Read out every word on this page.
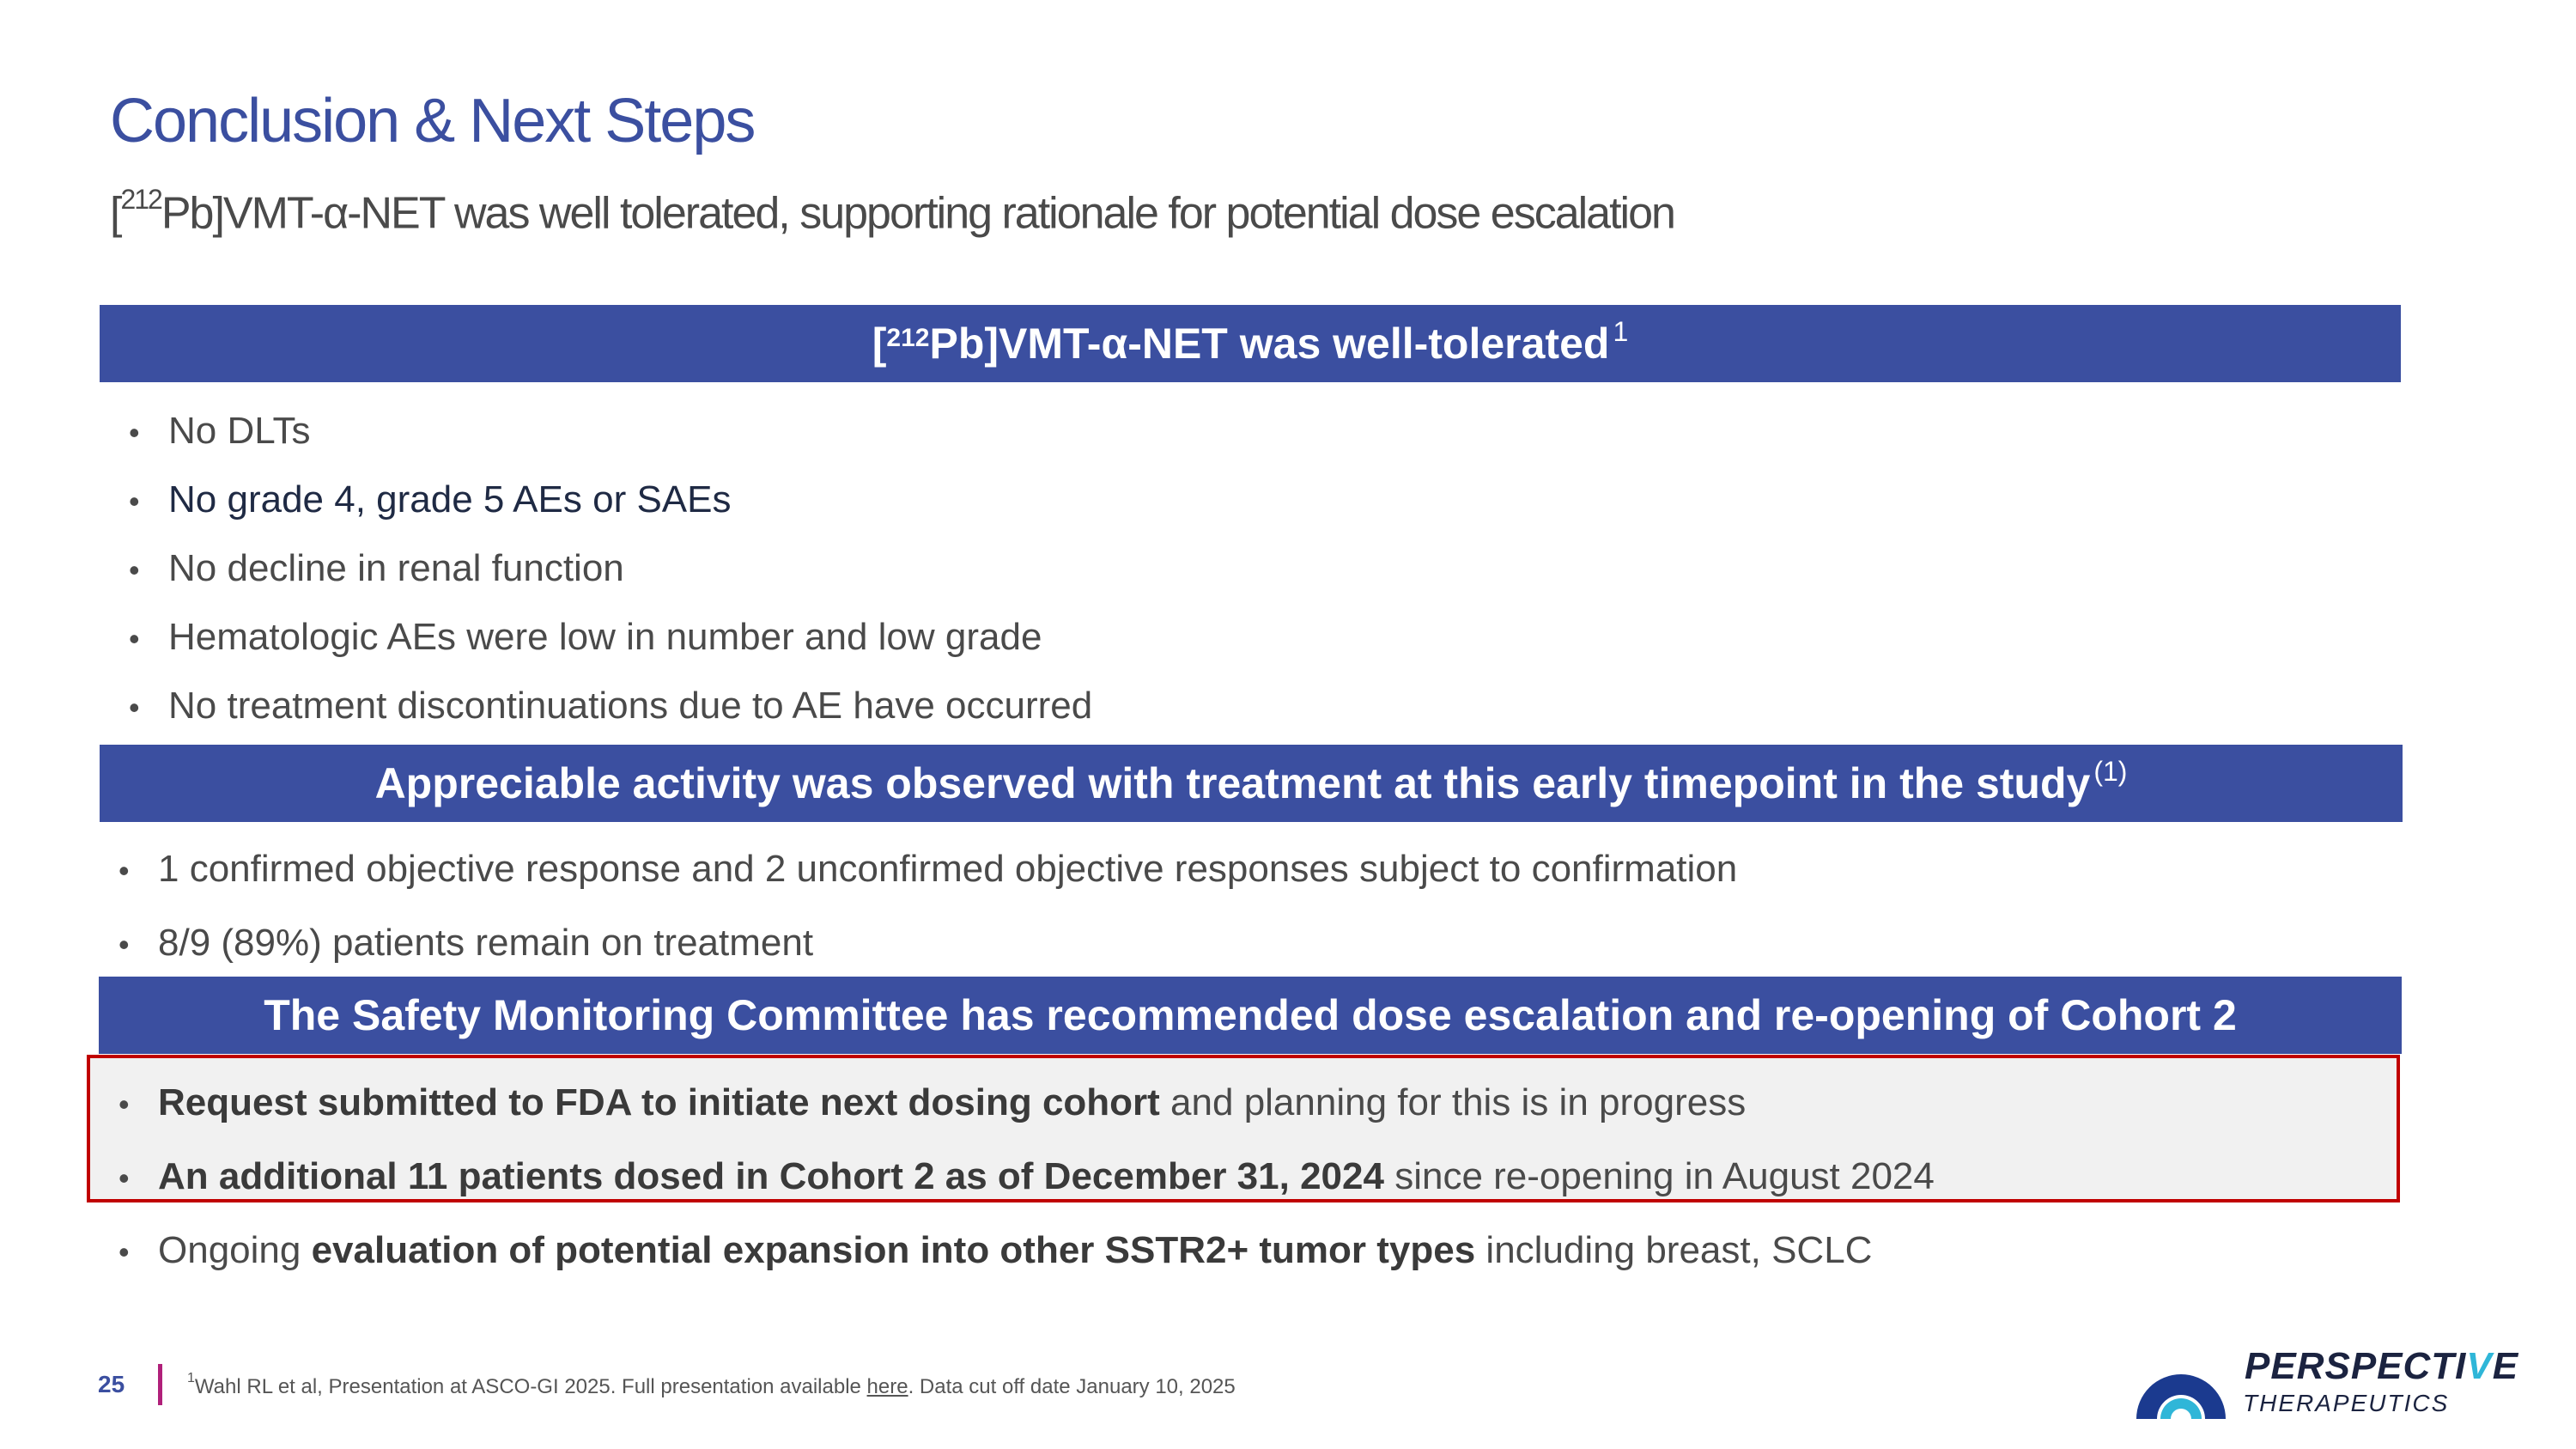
Conclusion & Next Steps
[$^{212}$Pb]VMT-α-NET was well tolerated, supporting rationale for potential dose escalation
[$^{212}$ Pb]VMT-α-NET was well-tolerated 1
• No DLTs
• No grade 4, grade 5 AEs or SAEs
• No decline in renal function
• Hematologic AEs were low in number and low grade
• No treatment discontinuations due to AE have occurred
Appreciable activity was observed with treatment at this early timepoint in the study (1)
• 1 confirmed objective response and 2 unconfirmed objective responses subject to confirmation
• 8/9 (89%) patients remain on treatment
The Safety Monitoring Committee has recommended dose escalation and re-opening of Cohort 2
• Request submitted to FDA to initiate next dosing cohort and planning for this is in progress
• An additional 11 patients dosed in Cohort 2 as of December 31, 2024 since re-opening in August 2024
• Ongoing evaluation of potential expansion into other SSTR2+ tumor types including breast, SCLC
25	$^1$Wahl RL et al, Presentation at ASCO-GI 2025. Full presentation available here. Data cut off date January 10, 2025	PERSPECTIVE
THERAPEUTICS
